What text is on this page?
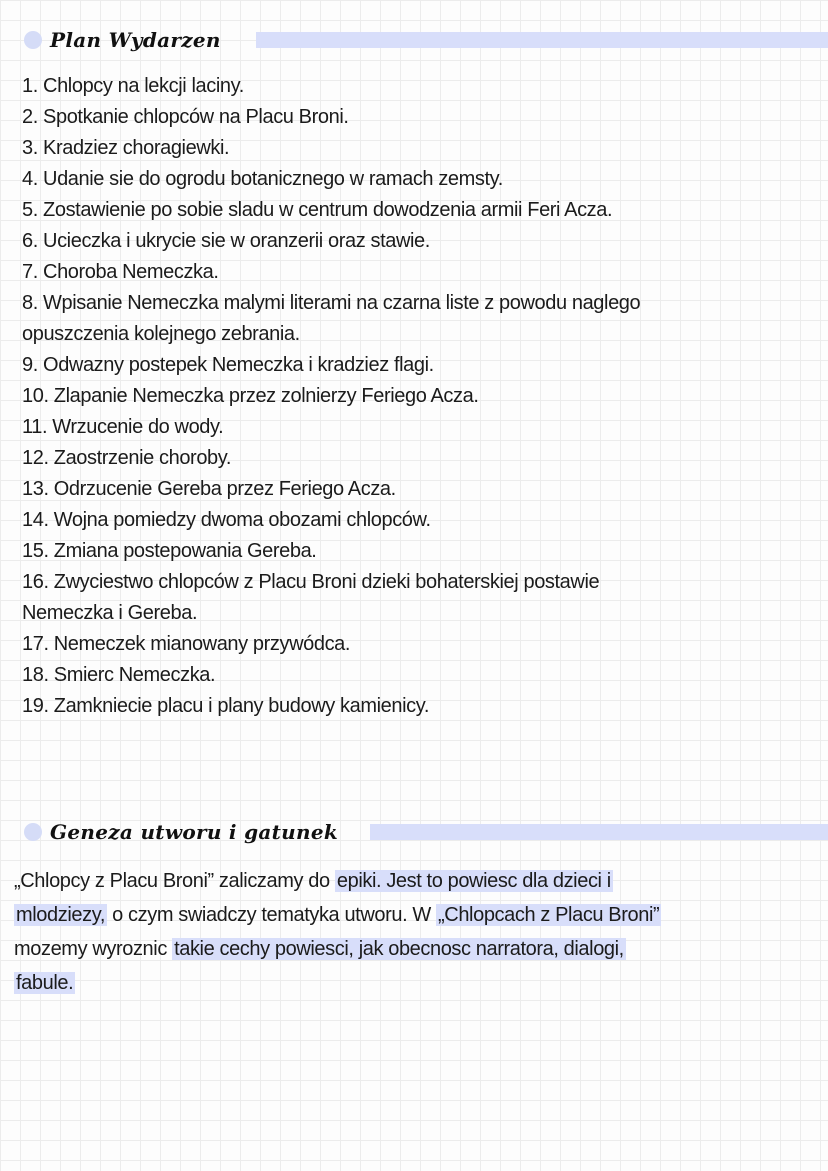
Plan Wydarzen
1. Chlopcy na lekcji laciny.
2. Spotkanie chlopców na Placu Broni.
3. Kradziez choragiewki.
4. Udanie sie do ogrodu botanicznego w ramach zemsty.
5. Zostawienie po sobie sladu w centrum dowodzenia armii Feri Acza.
6. Ucieczka i ukrycie sie w oranzerii oraz stawie.
7. Choroba Nemeczka.
8. Wpisanie Nemeczka malymi literami na czarna liste z powodu naglego
opuszczenia kolejnego zebrania.
9. Odwazny postepek Nemeczka i kradziez flagi.
10. Zlapanie Nemeczka przez zolnierzy Feriego Acza.
11. Wrzucenie do wody.
12. Zaostrzenie choroby.
13. Odrzucenie Gereba przez Feriego Acza.
14. Wojna pomiedzy dwoma obozami chlopców.
15. Zmiana postepowania Gereba.
16. Zwyciestwo chlopców z Placu Broni dzieki bohaterskiej postawie
Nemeczka i Gereba.
17. Nemeczek mianowany przywódca.
18. Smierc Nemeczka.
19. Zamkniecie placu i plany budowy kamienicy.
Geneza utworu i gatunek

„Chlopcy z Placu Broni” zaliczamy do epiki. Jest to powiesc dla dzieci i
mlodziezy, o czym swiadczy tematyka utworu. W „Chlopcach z Placu Broni”
mozemy wyroznic takie cechy powiesci, jak obecnosc narratora, dialogi,
fabule.
